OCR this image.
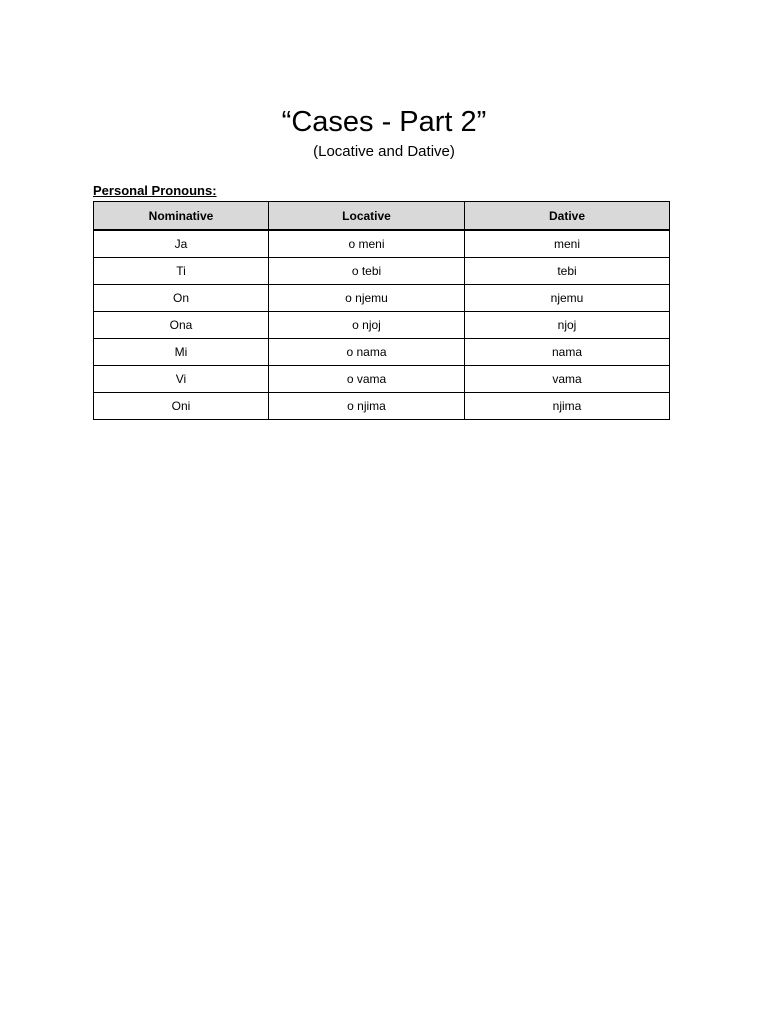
“Cases - Part 2”

(Locative and Dative)

Personal Pronouns:

Nominative	Locative	Dative
Ja	o meni	meni
Ti	o tebi	tebi
On	o njemu	njemu
Ona	o njoj	njoj
Mi	o nama	nama
Vi	o vama	vama
Oni	o njima	njima
